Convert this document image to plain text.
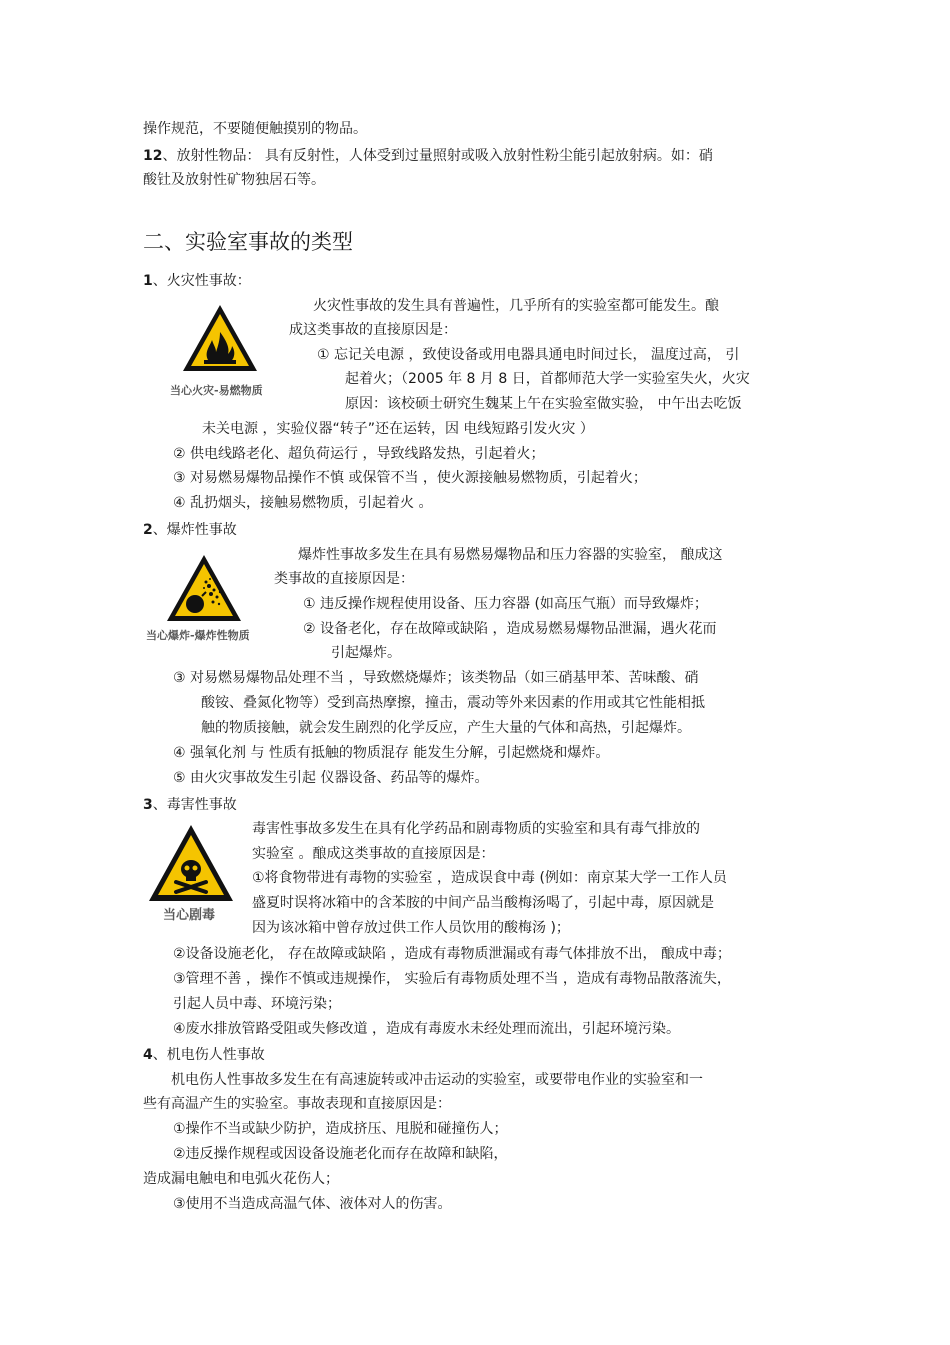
操作规范，不要随便触摸别的物品。
12、放射性物品： 具有反射性，人体受到过量照射或吸入放射性粉尘能引起放射病。如：硝
酸钍及放射性矿物独居石等。
二、实验室事故的类型
1、火灾性事故：
当心火灾-易燃物质
火灾性事故的发生具有普遍性，几乎所有的实验室都可能发生。酿
成这类事故的直接原因是：
① 忘记关电源 ，致使设备或用电器具通电时间过长， 温度过高， 引
起着火；（2005 年 8 月 8 日，首都师范大学一实验室失火，火灾
原因：该校硕士研究生魏某上午在实验室做实验， 中午出去吃饭
未关电源 ，实验仪器“转子”还在运转，因 电线短路引发火灾 ）
② 供电线路老化、超负荷运行 ，导致线路发热，引起着火；
③ 对易燃易爆物品操作不慎 或保管不当 ，使火源接触易燃物质，引起着火；
④ 乱扔烟头，接触易燃物质，引起着火 。
2、爆炸性事故
当心爆炸-爆炸性物质
爆炸性事故多发生在具有易燃易爆物品和压力容器的实验室， 酿成这
类事故的直接原因是：
① 违反操作规程使用设备、压力容器 (如高压气瓶）而导致爆炸；
② 设备老化，存在故障或缺陷 ，造成易燃易爆物品泄漏，遇火花而
引起爆炸。
③ 对易燃易爆物品处理不当 ，导致燃烧爆炸；该类物品（如三硝基甲苯、苦味酸、硝
酸铵、叠氮化物等）受到高热摩擦，撞击，震动等外来因素的作用或其它性能相抵
触的物质接触，就会发生剧烈的化学反应，产生大量的气体和高热，引起爆炸。
④ 强氧化剂 与 性质有抵触的物质混存 能发生分解，引起燃烧和爆炸。
⑤ 由火灾事故发生引起 仪器设备、药品等的爆炸。
3、毒害性事故
当心剧毒
毒害性事故多发生在具有化学药品和剧毒物质的实验室和具有毒气排放的
实验室 。酿成这类事故的直接原因是：
①将食物带进有毒物的实验室 ，造成误食中毒 (例如：南京某大学一工作人员
盛夏时误将冰箱中的含苯胺的中间产品当酸梅汤喝了，引起中毒，原因就是
因为该冰箱中曾存放过供工作人员饮用的酸梅汤 )；
②设备设施老化， 存在故障或缺陷 ，造成有毒物质泄漏或有毒气体排放不出， 酿成中毒；
③管理不善 ，操作不慎或违规操作， 实验后有毒物质处理不当 ，造成有毒物品散落流失，
引起人员中毒、环境污染；
④废水排放管路受阻或失修改道 ，造成有毒废水未经处理而流出，引起环境污染。
4、机电伤人性事故
机电伤人性事故多发生在有高速旋转或冲击运动的实验室，或要带电作业的实验室和一
些有高温产生的实验室。事故表现和直接原因是：
①操作不当或缺少防护，造成挤压、甩脱和碰撞伤人；
②违反操作规程或因设备设施老化而存在故障和缺陷，
造成漏电触电和电弧火花伤人；
③使用不当造成高温气体、液体对人的伤害。
